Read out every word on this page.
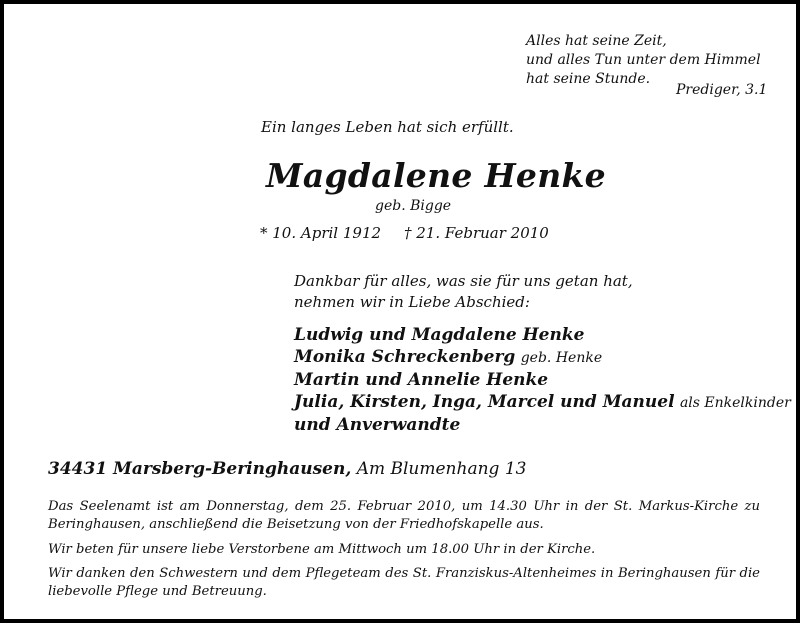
Alles hat seine Zeit,
und alles Tun unter dem Himmel
hat seine Stunde.
Prediger, 3.1
Ein langes Leben hat sich erfüllt.
Magdalene Henke
geb. Bigge
* 10. April 1912 † 21. Februar 2010
Dankbar für alles, was sie für uns getan hat,
nehmen wir in Liebe Abschied:
Ludwig und Magdalene Henke
Monika Schreckenberg geb. Henke
Martin und Annelie Henke
Julia, Kirsten, Inga, Marcel und Manuel als Enkelkinder
und Anverwandte
34431 Marsberg-Beringhausen, Am Blumenhang 13
Das Seelenamt ist am Donnerstag, dem 25. Februar 2010, um 14.30 Uhr in der St. Markus-Kirche zu Beringhausen, anschließend die Beisetzung von der Friedhofskapelle aus.
Wir beten für unsere liebe Verstorbene am Mittwoch um 18.00 Uhr in der Kirche.
Wir danken den Schwestern und dem Pflegeteam des St. Franziskus-Altenheimes in Beringhausen für die liebevolle Pflege und Betreuung.
